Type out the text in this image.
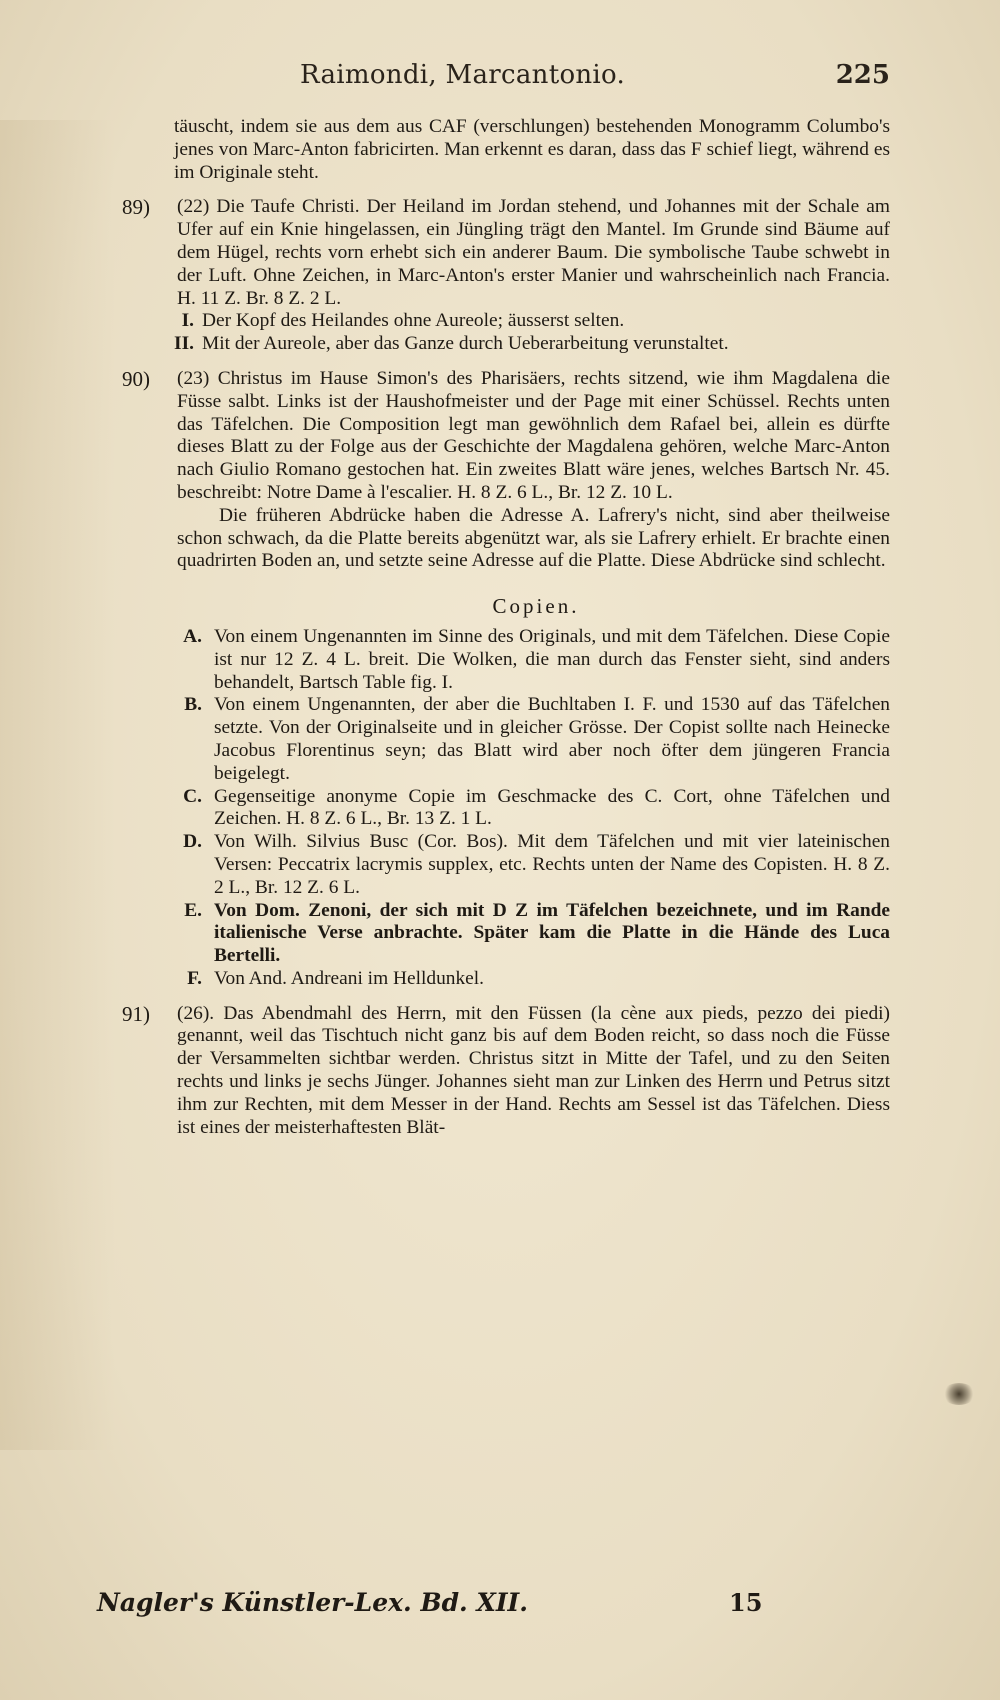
Raimondi, Marcantonio.	225

täuscht, indem sie aus dem aus CAF (verschlungen) bestehenden Monogramm Columbo's jenes von Marc-Anton fabricirten. Man erkennt es daran, dass das F schief liegt, während es im Originale steht.

89)	(22) Die Taufe Christi. Der Heiland im Jordan stehend, und Johannes mit der Schale am Ufer auf ein Knie hingelassen, ein Jüngling trägt den Mantel. Im Grunde sind Bäume auf dem Hügel, rechts vorn erhebt sich ein anderer Baum. Die symbolische Taube schwebt in der Luft. Ohne Zeichen, in Marc-Anton's erster Manier und wahrscheinlich nach Francia. H. 11 Z. Br. 8 Z. 2 L.
I. Der Kopf des Heilandes ohne Aureole; äusserst selten.
II. Mit der Aureole, aber das Ganze durch Ueberarbeitung verunstaltet.
90)	(23) Christus im Hause Simon's des Pharisäers, rechts sitzend, wie ihm Magdalena die Füsse salbt. Links ist der Haushofmeister und der Page mit einer Schüssel. Rechts unten das Täfelchen. Die Composition legt man gewöhnlich dem Rafael bei, allein es dürfte dieses Blatt zu der Folge aus der Geschichte der Magdalena gehören, welche Marc-Anton nach Giulio Romano gestochen hat. Ein zweites Blatt wäre jenes, welches Bartsch Nr. 45. beschreibt: Notre Dame à l'escalier. H. 8 Z. 6 L., Br. 12 Z. 10 L.

Die früheren Abdrücke haben die Adresse A. Lafrery's nicht, sind aber theilweise schon schwach, da die Platte bereits abgenützt war, als sie Lafrery erhielt. Er brachte einen quadrirten Boden an, und setzte seine Adresse auf die Platte. Diese Abdrücke sind schlecht.

Copien.
A. Von einem Ungenannten im Sinne des Originals, und mit dem Täfelchen. Diese Copie ist nur 12 Z. 4 L. breit. Die Wolken, die man durch das Fenster sieht, sind anders behandelt, Bartsch Table fig. I.
B. Von einem Ungenannten, der aber die Buchltaben I. F. und 1530 auf das Täfelchen setzte. Von der Originalseite und in gleicher Grösse. Der Copist sollte nach Heinecke Jacobus Florentinus seyn; das Blatt wird aber noch öfter dem jüngeren Francia beigelegt.
C. Gegenseitige anonyme Copie im Geschmacke des C. Cort, ohne Täfelchen und Zeichen. H. 8 Z. 6 L., Br. 13 Z. 1 L.
D. Von Wilh. Silvius Busc (Cor. Bos). Mit dem Täfelchen und mit vier lateinischen Versen: Peccatrix lacrymis supplex, etc. Rechts unten der Name des Copisten. H. 8 Z. 2 L., Br. 12 Z. 6 L.
E. Von Dom. Zenoni, der sich mit D Z im Täfelchen bezeichnete, und im Rande italienische Verse anbrachte. Später kam die Platte in die Hände des Luca Bertelli.
F. Von And. Andreani im Helldunkel.
91)	(26). Das Abendmahl des Herrn, mit den Füssen (la cène aux pieds, pezzo dei piedi) genannt, weil das Tischtuch nicht ganz bis auf dem Boden reicht, so dass noch die Füsse der Versammelten sichtbar werden. Christus sitzt in Mitte der Tafel, und zu den Seiten rechts und links je sechs Jünger. Johannes sieht man zur Linken des Herrn und Petrus sitzt ihm zur Rechten, mit dem Messer in der Hand. Rechts am Sessel ist das Täfelchen. Diess ist eines der meisterhaftesten Blät-
Nagler's Künstler-Lex. Bd. XII.	15
